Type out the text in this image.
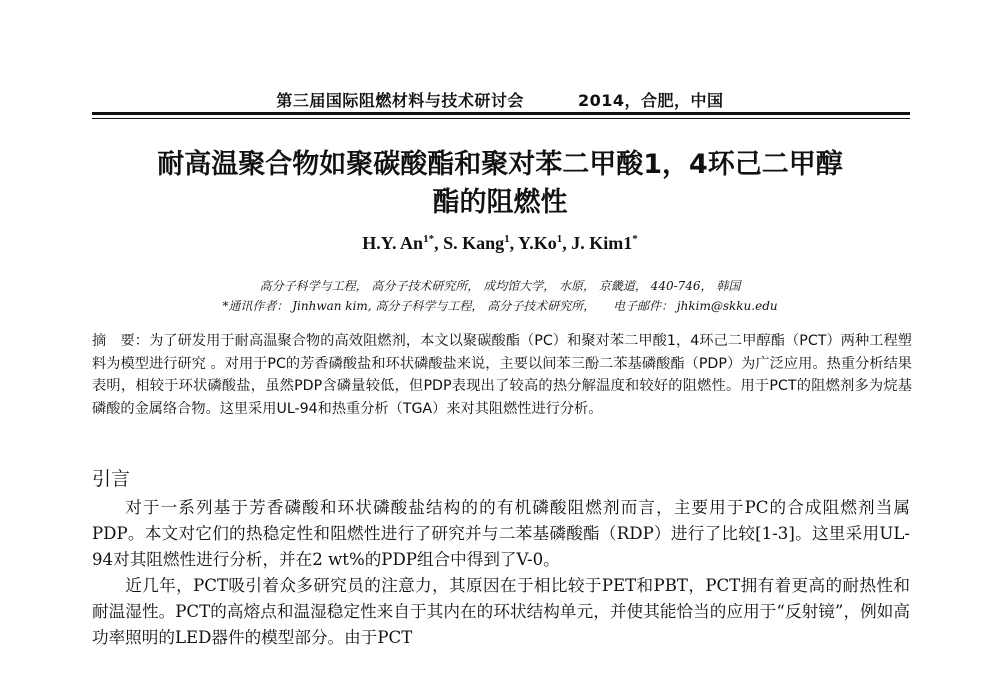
第三届国际阻燃材料与技术研讨会	2014，合肥，中国
耐高温聚合物如聚碳酸酯和聚对苯二甲酸1，4环己二甲醇
酯的阻燃性
H.Y. $An^{1*}$, S. Kang$^1$, Y.Ko$^1$, J. Kim1*
高分子科学与工程， 高分子技术研究所， 成均馆大学， 水原， 京畿道， 440-746， 韩国
*通讯作者： Jinhwan kim, 高分子科学与工程， 高分子技术研究所， 电子邮件： jhkim@skku.edu
摘　要：为了研发用于耐高温聚合物的高效阻燃剂，本文以聚碳酸酯（PC）和聚对苯二甲酸1，4环己二甲醇酯（PCT）两种工程塑料为模型进行研究 。对用于PC的芳香磷酸盐和环状磷酸盐来说，主要以间苯三酚二苯基磷酸酯（PDP）为广泛应用。热重分析结果表明，相较于环状磷酸盐，虽然PDP含磷量较低，但PDP表现出了较高的热分解温度和较好的阻燃性。用于PCT的阻燃剂多为烷基磷酸的金属络合物。这里采用UL-94和热重分析（TGA）来对其阻燃性进行分析。
引言

对于一系列基于芳香磷酸和环状磷酸盐结构的的有机磷酸阻燃剂而言，主要用于PC的合成阻燃剂当属PDP。本文对它们的热稳定性和阻燃性进行了研究并与二苯基磷酸酯（RDP）进行了比较[1-3]。这里采用UL-94对其阻燃性进行分析，并在2 wt%的PDP组合中得到了V-0。

近几年，PCT吸引着众多研究员的注意力，其原因在于相比较于PET和PBT，PCT拥有着更高的耐热性和耐温湿性。PCT的高熔点和温湿稳定性来自于其内在的环状结构单元，并使其能恰当的应用于“反射镜”，例如高功率照明的LED器件的模型部分。由于PCT
